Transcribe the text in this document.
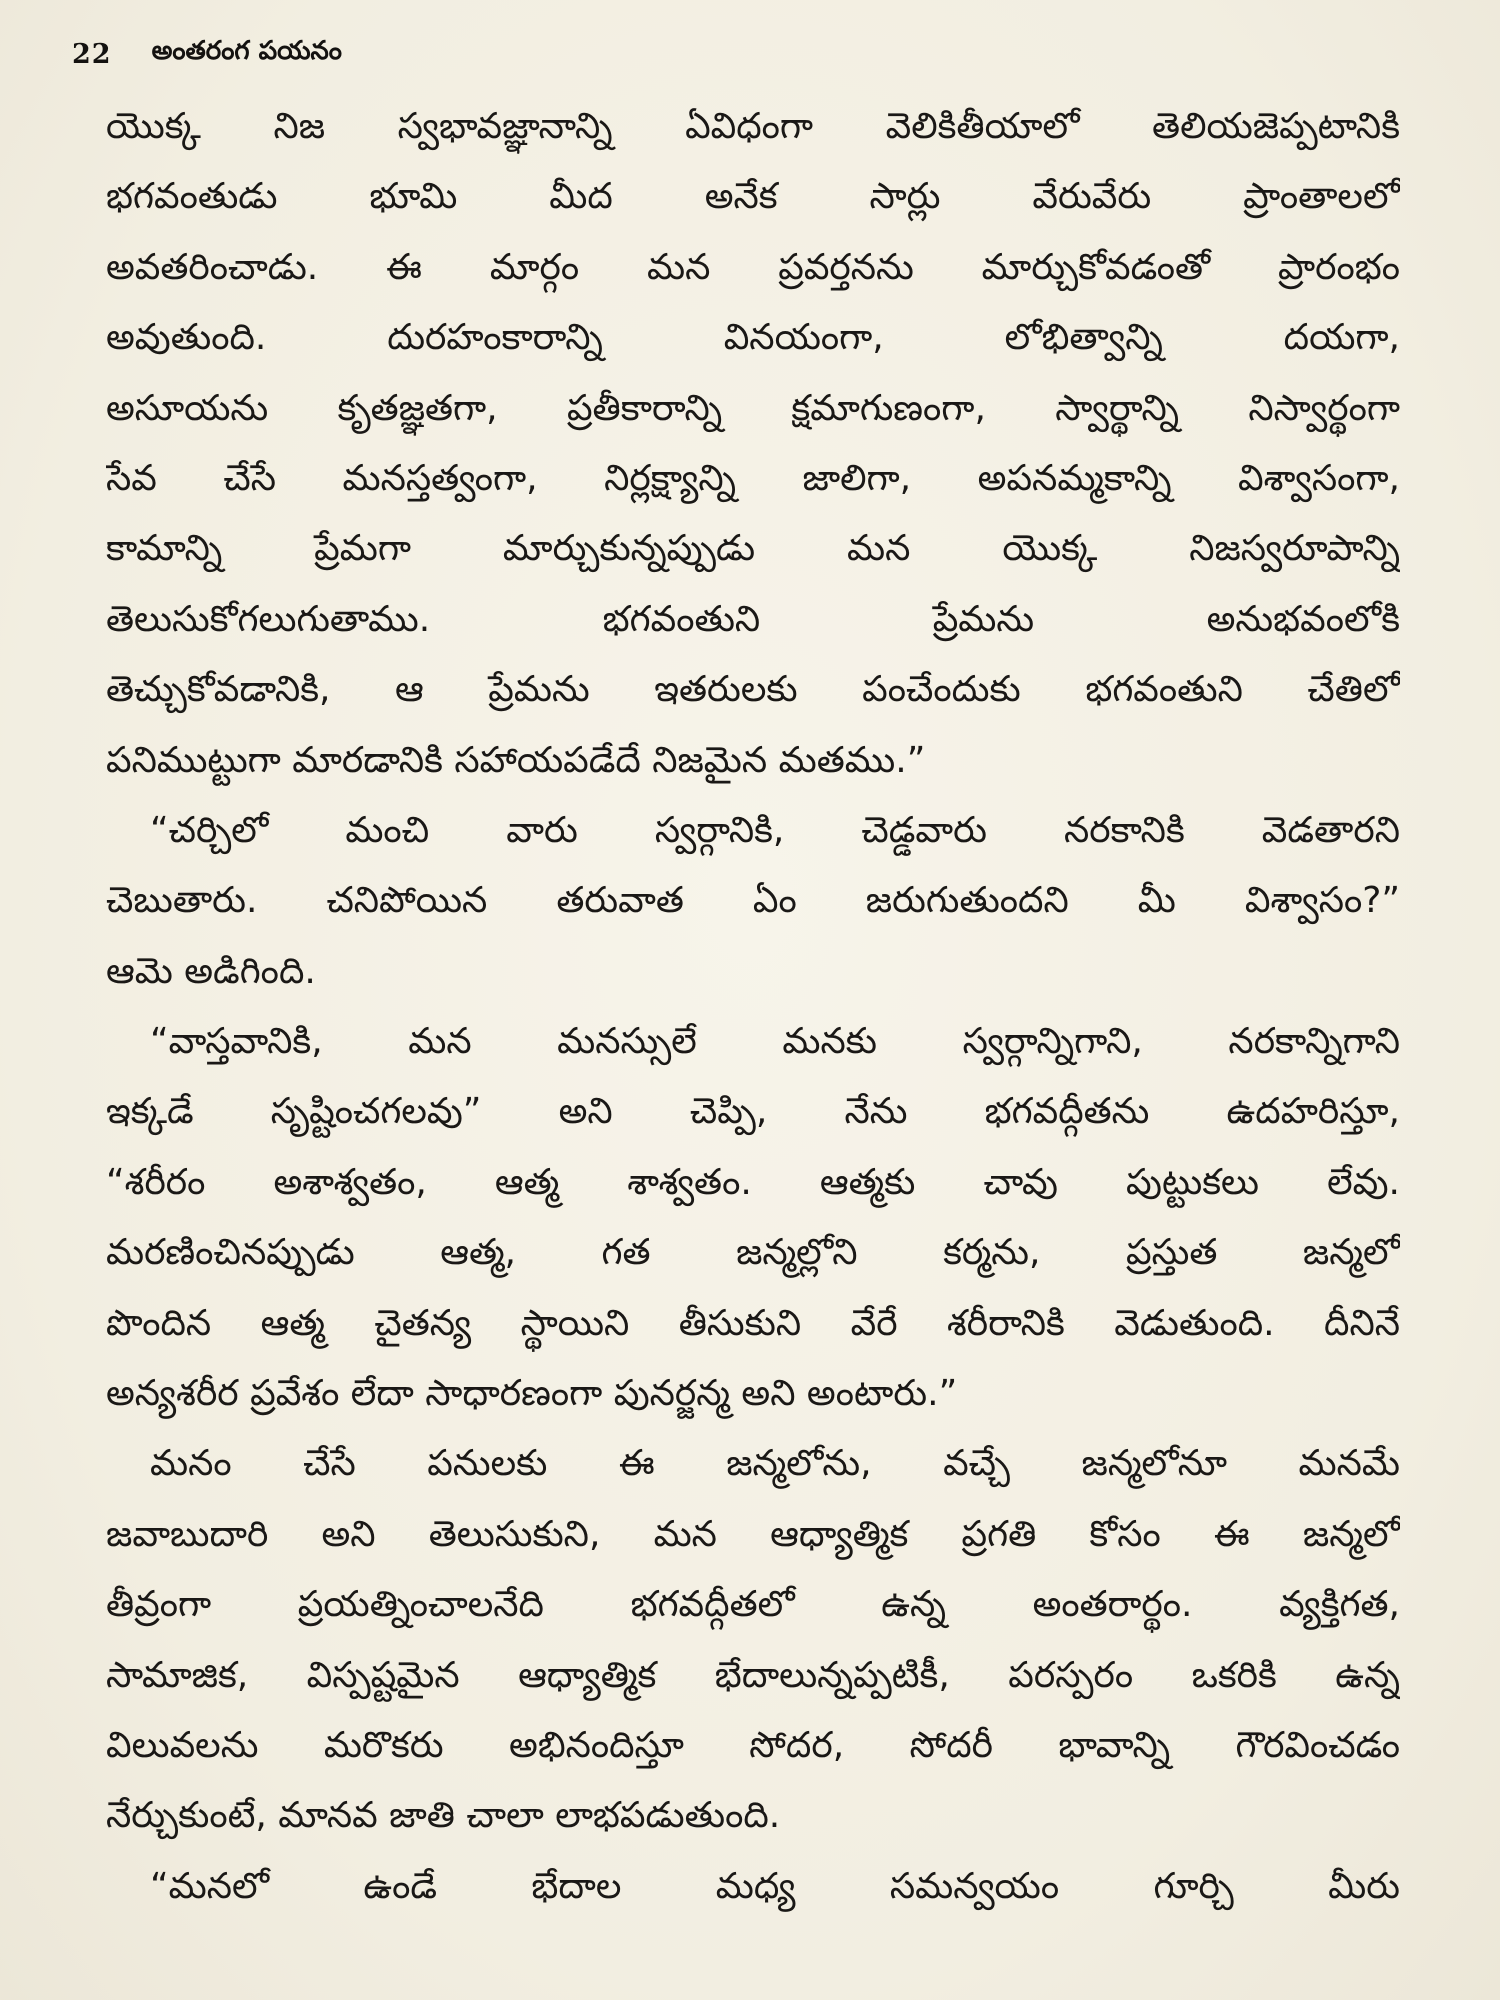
22 అంతరంగ పయనం
యొక్క నిజ స్వభావజ్ఞానాన్ని ఏవిధంగా వెలికితీయాలో తెలియజెప్పటానికి
భగవంతుడు భూమి మీద అనేక సార్లు వేరువేరు ప్రాంతాలలో
అవతరించాడు. ఈ మార్గం మన ప్రవర్తనను మార్చుకోవడంతో ప్రారంభం
అవుతుంది. దురహంకారాన్ని వినయంగా, లోభిత్వాన్ని దయగా,
అసూయను కృతజ్ఞతగా, ప్రతీకారాన్ని క్షమాగుణంగా, స్వార్థాన్ని నిస్వార్థంగా
సేవ చేసే మనస్తత్వంగా, నిర్లక్ష్యాన్ని జాలిగా, అపనమ్మకాన్ని విశ్వాసంగా,
కామాన్ని ప్రేమగా మార్చుకున్నప్పుడు మన యొక్క నిజస్వరూపాన్ని
తెలుసుకోగలుగుతాము. భగవంతుని ప్రేమను అనుభవంలోకి
తెచ్చుకోవడానికి, ఆ ప్రేమను ఇతరులకు పంచేందుకు భగవంతుని చేతిలో
పనిముట్టుగా మారడానికి సహాయపడేదే నిజమైన మతము.”
“చర్చిలో మంచి వారు స్వర్గానికి, చెడ్డవారు నరకానికి వెడతారని
చెబుతారు. చనిపోయిన తరువాత ఏం జరుగుతుందని మీ విశ్వాసం?”
ఆమె అడిగింది.
“వాస్తవానికి, మన మనస్సులే మనకు స్వర్గాన్నిగాని, నరకాన్నిగాని
ఇక్కడే సృష్టించగలవు” అని చెప్పి, నేను భగవద్గీతను ఉదహరిస్తూ,
“శరీరం అశాశ్వతం, ఆత్మ శాశ్వతం. ఆత్మకు చావు పుట్టుకలు లేవు.
మరణించినప్పుడు ఆత్మ, గత జన్మల్లోని కర్మను, ప్రస్తుత జన్మలో
పొందిన ఆత్మ చైతన్య స్థాయిని తీసుకుని వేరే శరీరానికి వెడుతుంది. దీనినే
అన్యశరీర ప్రవేశం లేదా సాధారణంగా పునర్జన్మ అని అంటారు.”
మనం చేసే పనులకు ఈ జన్మలోను, వచ్చే జన్మలోనూ మనమే
జవాబుదారి అని తెలుసుకుని, మన ఆధ్యాత్మిక ప్రగతి కోసం ఈ జన్మలో
తీవ్రంగా ప్రయత్నించాలనేది భగవద్గీతలో ఉన్న అంతరార్థం. వ్యక్తిగత,
సామాజిక, విస్పష్టమైన ఆధ్యాత్మిక భేదాలున్నప్పటికీ, పరస్పరం ఒకరికి ఉన్న
విలువలను మరొకరు అభినందిస్తూ సోదర, సోదరీ భావాన్ని గౌరవించడం
నేర్చుకుంటే, మానవ జాతి చాలా లాభపడుతుంది.
“మనలో ఉండే భేదాల మధ్య సమన్వయం గూర్చి మీరు
